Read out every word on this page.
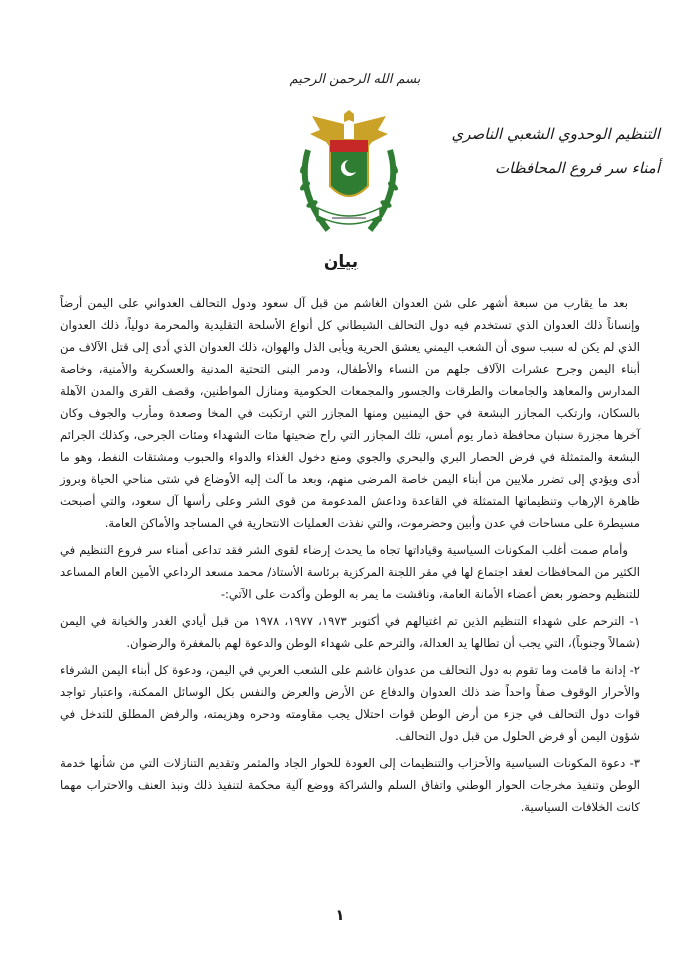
بسم الله الرحمن الرحيم
التنظيم الوحدوي الشعبي الناصري
أمناء سر فروع المحافظات
بيان

بعد ما يقارب من سبعة أشهر على شن العدوان الغاشم من قبل آل سعود ودول التحالف العدواني على اليمن أرضاً وإنساناً ذلك العدوان الذي تستخدم فيه دول التحالف الشيطاني كل أنواع الأسلحة التقليدية والمحرمة دولياً، ذلك العدوان الذي لم يكن له سبب سوى أن الشعب اليمني يعشق الحرية ويأبى الذل والهوان، ذلك العدوان الذي أدى إلى قتل الآلاف من أبناء اليمن وجرح عشرات الآلاف جلهم من النساء والأطفال، ودمر البنى التحتية المدنية والعسكرية والأمنية، وخاصة المدارس والمعاهد والجامعات والطرقات والجسور والمجمعات الحكومية ومنازل المواطنين، وقصف القرى والمدن الآهلة بالسكان، وارتكب المجازر البشعة في حق اليمنيين ومنها المجازر التي ارتكبت في المخا وصعدة ومأرب والجوف وكان آخرها مجزرة سنبان محافظة ذمار يوم أمس، تلك المجازر التي راح ضحيتها مئات الشهداء ومئات الجرحى، وكذلك الجرائم البشعة والمتمثلة في فرض الحصار البري والبحري والجوي ومنع دخول الغذاء والدواء والحبوب ومشتقات النفط، وهو ما أدى ويؤدي إلى تضرر ملايين من أبناء اليمن خاصة المرضى منهم، وبعد ما آلت إليه الأوضاع في شتى مناحي الحياة وبروز ظاهرة الإرهاب وتنظيماتها المتمثلة في القاعدة وداعش المدعومة من قوى الشر وعلى رأسها آل سعود، والتي أصبحت مسيطرة على مساحات في عدن وأبين وحضرموت، والتي نفذت العمليات الانتحارية في المساجد والأماكن العامة.

وأمام صمت أغلب المكونات السياسية وقياداتها تجاه ما يحدث إرضاء لقوى الشر فقد تداعى أمناء سر فروع التنظيم في الكثير من المحافظات لعقد اجتماع لها في مقر اللجنة المركزية برئاسة الأستاذ/ محمد مسعد الرداعي الأمين العام المساعد للتنظيم وحضور بعض أعضاء الأمانة العامة، وناقشت ما يمر به الوطن وأكدت على الآتي:-

١- الترحم على شهداء التنظيم الذين تم اغتيالهم في أكتوبر ١٩٧٣، ١٩٧٧، ١٩٧٨ من قبل أيادي الغدر والخيانة في اليمن (شمالاً وجنوباً)، التي يجب أن تطالها يد العدالة، والترحم على شهداء الوطن والدعوة لهم بالمغفرة والرضوان.

٢- إدانة ما قامت وما تقوم به دول التحالف من عدوان غاشم على الشعب العربي في اليمن، ودعوة كل أبناء اليمن الشرفاء والأحرار الوقوف صفاً واحداً ضد ذلك العدوان والدفاع عن الأرض والعرض والنفس بكل الوسائل الممكنة، واعتبار تواجد قوات دول التحالف في جزء من أرض الوطن قوات احتلال يجب مقاومته ودحره وهزيمته، والرفض المطلق للتدخل في شؤون اليمن أو فرض الحلول من قبل دول التحالف.

٣- دعوة المكونات السياسية والأحزاب والتنظيمات إلى العودة للحوار الجاد والمثمر وتقديم التنازلات التي من شأنها خدمة الوطن وتنفيذ مخرجات الحوار الوطني واتفاق السلم والشراكة ووضع آلية محكمة لتنفيذ ذلك ونبذ العنف والاحتراب مهما كانت الخلافات السياسية.

١
